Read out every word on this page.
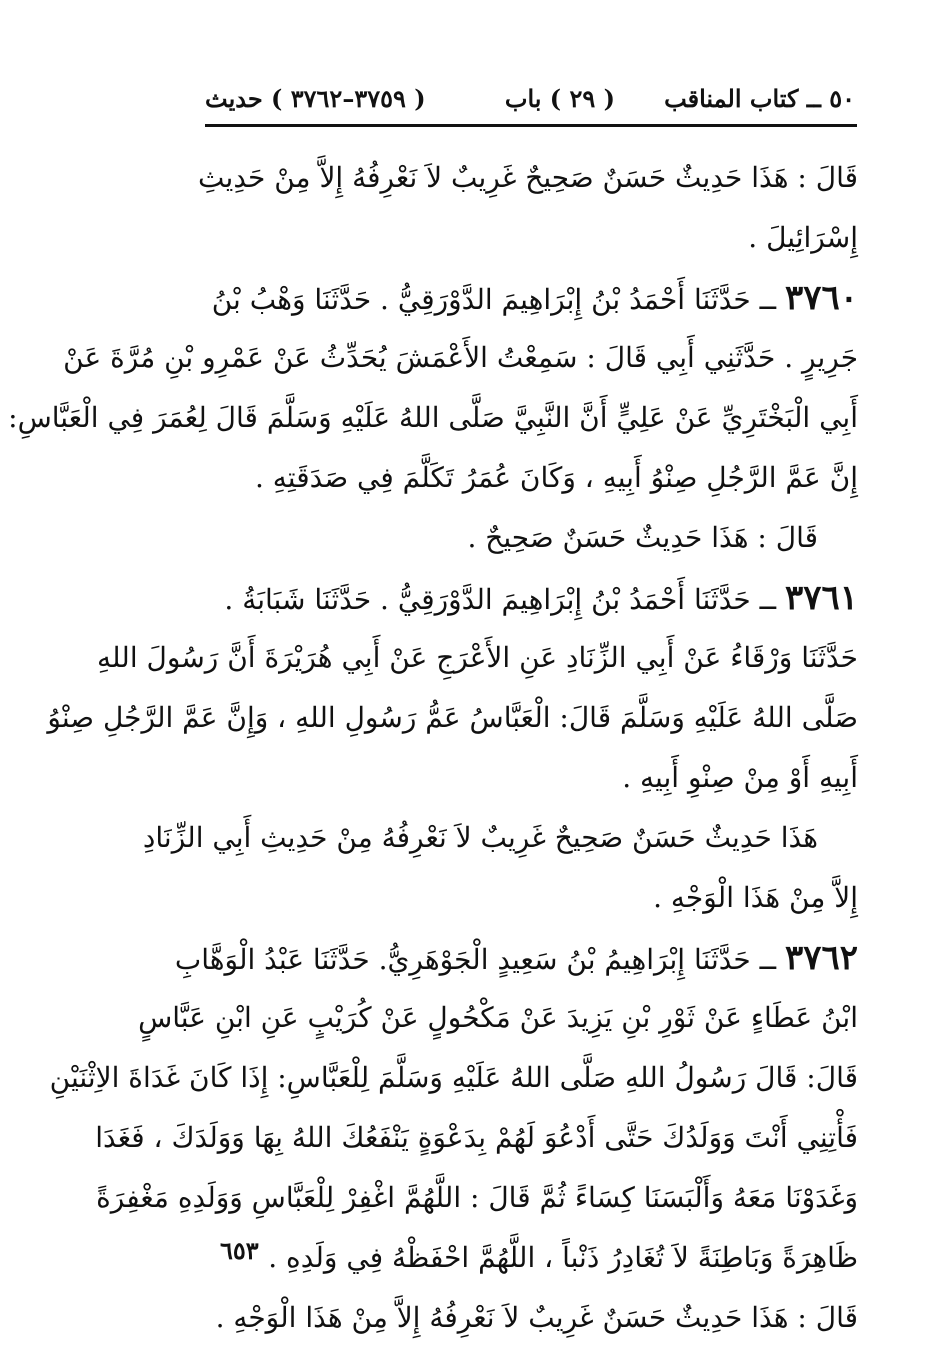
٥٠ ــ كتاب المناقب
( ٢٩ ) باب
( ٣٧٥٩–٣٧٦٢ ) حديث
قَالَ : هَذَا حَدِيثٌ حَسَنٌ صَحِيحٌ غَرِيبٌ لاَ نَعْرِفُهُ إِلاَّ مِنْ حَدِيثِ
إِسْرَائِيلَ .
٣٧٦٠ ــ حَدَّثَنَا أَحْمَدُ بْنُ إِبْرَاهِيمَ الدَّوْرَقِيُّ . حَدَّثَنَا وَهْبُ بْنُ
جَرِيرٍ . حَدَّثَنِي أَبِي قَالَ : سَمِعْتُ الأَعْمَشَ يُحَدِّثُ عَنْ عَمْرِو بْنِ مُرَّةَ عَنْ
أَبِي الْبَخْتَرِيِّ عَنْ عَلِيٍّ أَنَّ النَّبِيَّ صَلَّى اللهُ عَلَيْهِ وَسَلَّمَ قَالَ لِعُمَرَ فِي الْعَبَّاسِ:
إِنَّ عَمَّ الرَّجُلِ صِنْوُ أَبِيهِ ، وَكَانَ عُمَرُ تَكَلَّمَ فِي صَدَقَتِهِ .
قَالَ : هَذَا حَدِيثٌ حَسَنٌ صَحِيحٌ .
٣٧٦١ ــ حَدَّثَنَا أَحْمَدُ بْنُ إِبْرَاهِيمَ الدَّوْرَقِيُّ . حَدَّثَنَا شَبَابَةُ .
حَدَّثَنَا وَرْقَاءُ عَنْ أَبِي الزِّنَادِ عَنِ الأَعْرَجِ عَنْ أَبِي هُرَيْرَةَ أَنَّ رَسُولَ اللهِ
صَلَّى اللهُ عَلَيْهِ وَسَلَّمَ قَالَ: الْعَبَّاسُ عَمُّ رَسُولِ اللهِ ، وَإِنَّ عَمَّ الرَّجُلِ صِنْوُ
أَبِيهِ أَوْ مِنْ صِنْوِ أَبِيهِ .
هَذَا حَدِيثٌ حَسَنٌ صَحِيحٌ غَرِيبٌ لاَ نَعْرِفُهُ مِنْ حَدِيثِ أَبِي الزِّنَادِ
إِلاَّ مِنْ هَذَا الْوَجْهِ .
٣٧٦٢ ــ حَدَّثَنَا إِبْرَاهِيمُ بْنُ سَعِيدٍ الْجَوْهَرِيُّ. حَدَّثَنَا عَبْدُ الْوَهَّابِ
ابْنُ عَطَاءٍ عَنْ ثَوْرِ بْنِ يَزِيدَ عَنْ مَكْحُولٍ عَنْ كُرَيْبٍ عَنِ ابْنِ عَبَّاسٍ
قَالَ: قَالَ رَسُولُ اللهِ صَلَّى اللهُ عَلَيْهِ وَسَلَّمَ لِلْعَبَّاسِ: إِذَا كَانَ غَدَاةَ الاِثْنَيْنِ
فَأْتِنِي أَنْتَ وَوَلَدُكَ حَتَّى أَدْعُوَ لَهُمْ بِدَعْوَةٍ يَنْفَعُكَ اللهُ بِهَا وَوَلَدَكَ ، فَغَدَا
وَغَدَوْنَا مَعَهُ وَأَلْبَسَنَا كِسَاءً ثُمَّ قَالَ : اللَّهُمَّ اغْفِرْ لِلْعَبَّاسِ وَوَلَدِهِ مَغْفِرَةً
ظَاهِرَةً وَبَاطِنَةً لاَ تُغَادِرُ ذَنْباً ، اللَّهُمَّ احْفَظْهُ فِي وَلَدِهِ .
قَالَ : هَذَا حَدِيثٌ حَسَنٌ غَرِيبٌ لاَ نَعْرِفُهُ إِلاَّ مِنْ هَذَا الْوَجْهِ .
٦٥٣
